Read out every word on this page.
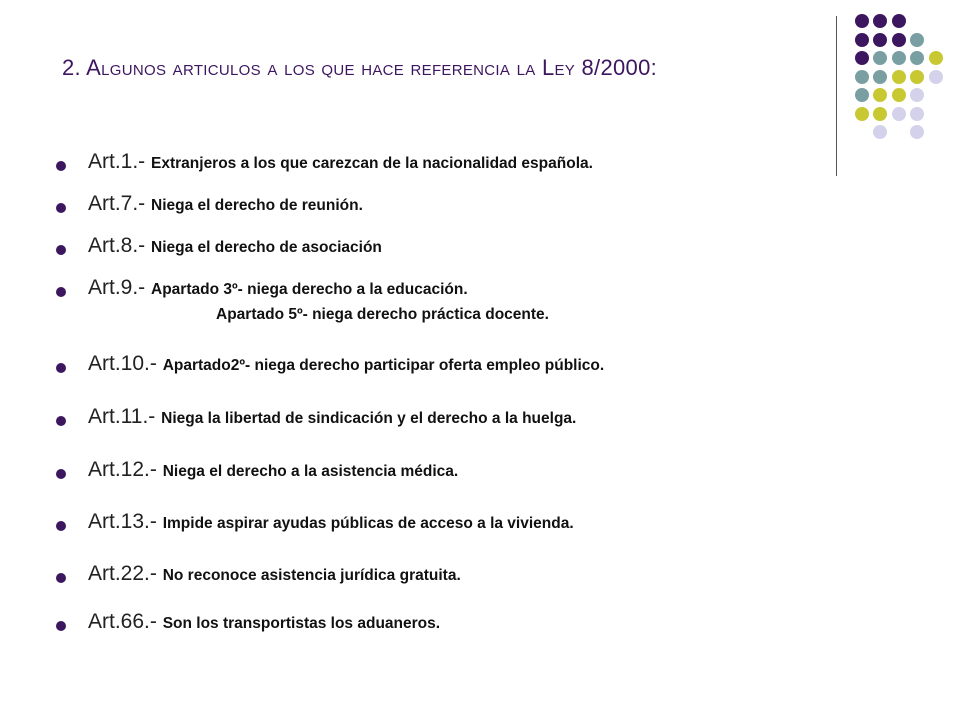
2. Algunos articulos a los que hace referencia la Ley 8/2000:
Art.1.- Extranjeros a los que carezcan de la nacionalidad española.
Art.7.- Niega el derecho de reunión.
Art.8.- Niega el derecho de asociación
Art.9.- Apartado 3º- niega derecho a la educación.
Apartado 5º- niega derecho práctica docente.
Art.10.- Apartado2º- niega derecho participar oferta empleo público.
Art.11.- Niega la libertad de sindicación y el derecho a la huelga.
Art.12.- Niega el derecho a la asistencia médica.
Art.13.- Impide aspirar ayudas públicas de acceso a la vivienda.
Art.22.- No reconoce asistencia jurídica gratuita.
Art.66.- Son los transportistas los aduaneros.
